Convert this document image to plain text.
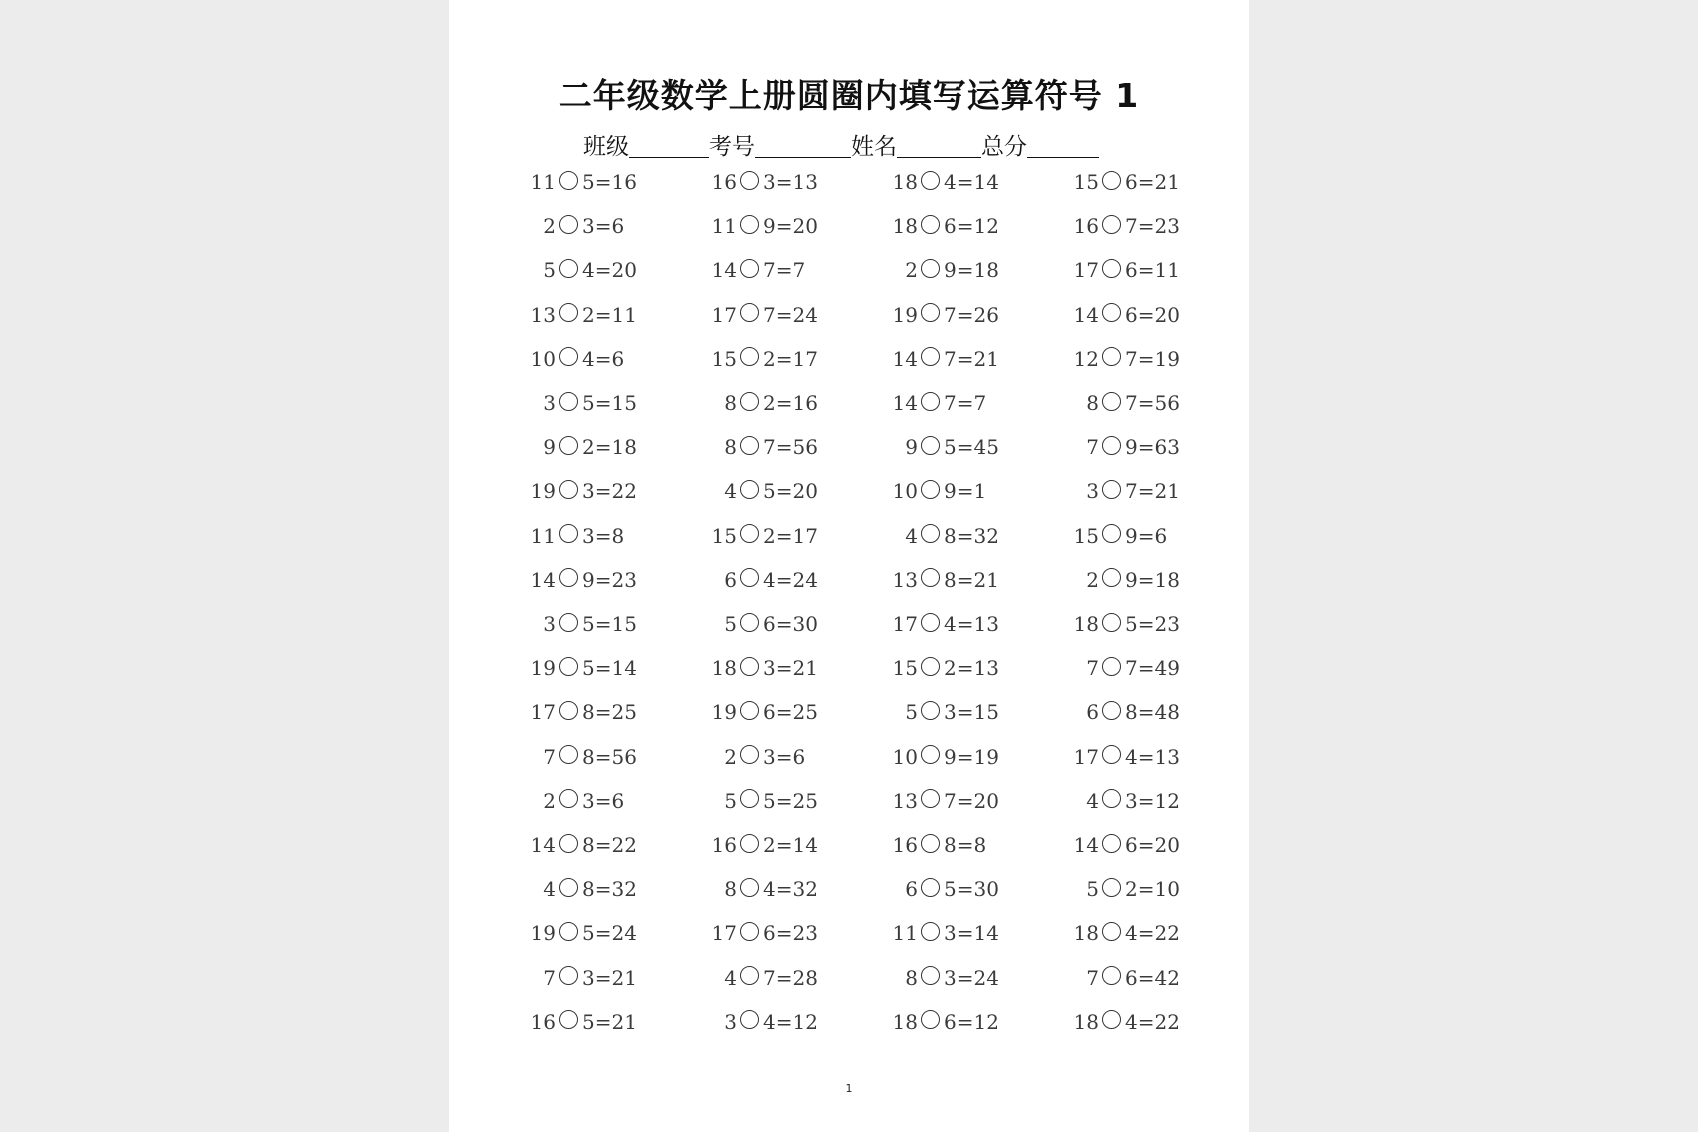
二年级数学上册圆圈内填写运算符号 1
班级	考号	姓名	总分
11 5=16	16 3=13	18 4=14	15 6=21
2 3=6	11 9=20	18 6=12	16 7=23
5 4=20	14 7=7	2 9=18	17 6=11
13 2=11	17 7=24	19 7=26	14 6=20
10 4=6	15 2=17	14 7=21	12 7=19
3 5=15	8 2=16	14 7=7	8 7=56
9 2=18	8 7=56	9 5=45	7 9=63
19 3=22	4 5=20	10 9=1	3 7=21
11 3=8	15 2=17	4 8=32	15 9=6
14 9=23	6 4=24	13 8=21	2 9=18
3 5=15	5 6=30	17 4=13	18 5=23
19 5=14	18 3=21	15 2=13	7 7=49
17 8=25	19 6=25	5 3=15	6 8=48
7 8=56	2 3=6	10 9=19	17 4=13
2 3=6	5 5=25	13 7=20	4 3=12
14 8=22	16 2=14	16 8=8	14 6=20
4 8=32	8 4=32	6 5=30	5 2=10
19 5=24	17 6=23	11 3=14	18 4=22
7 3=21	4 7=28	8 3=24	7 6=42
16 5=21	3 4=12	18 6=12	18 4=22
1
